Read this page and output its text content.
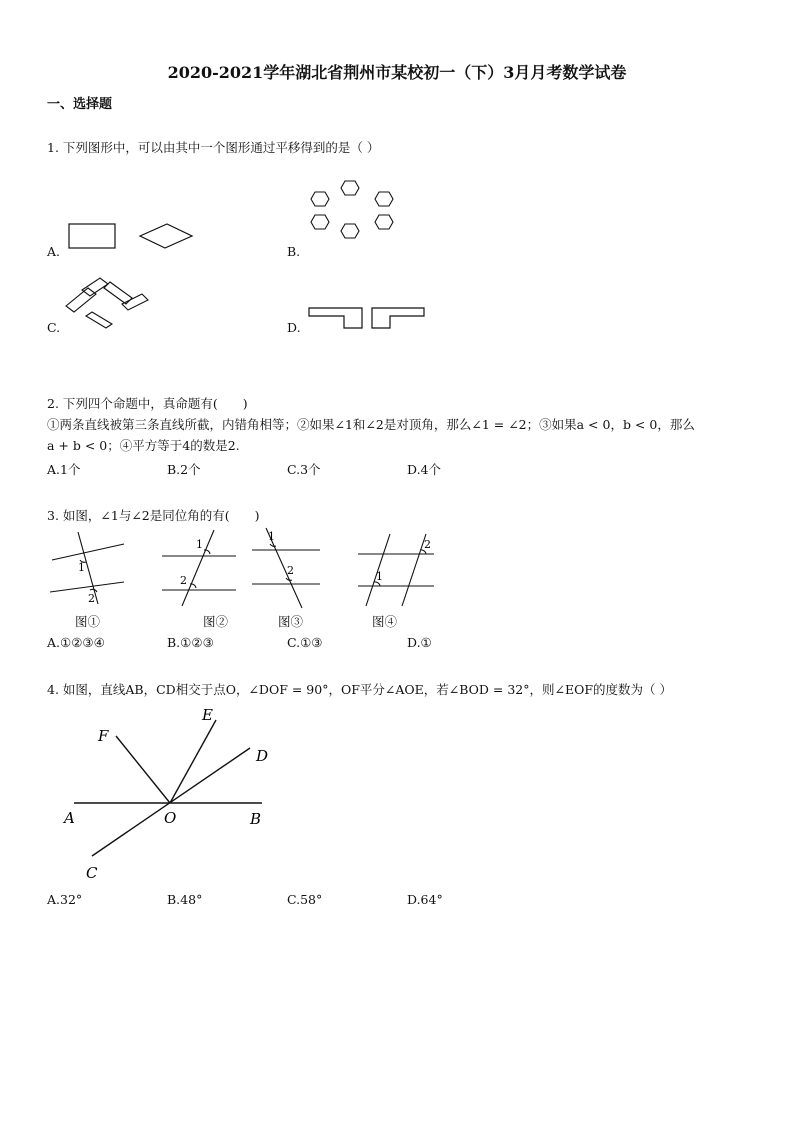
2020-2021学年湖北省荆州市某校初一（下）3月月考数学试卷
一、选择题
1. 下列图形中，可以由其中一个图形通过平移得到的是（ ）
A.	B.
C.	D.
2. 下列四个命题中，真命题有(　　)
①两条直线被第三条直线所截，内错角相等；②如果∠1和∠2是对顶角，那么∠1 = ∠2；③如果a < 0，b < 0，那么
a + b < 0；④平方等于4的数是2.
A.1个	B.2个	C.3个	D.4个
3. 如图，∠1与∠2是同位角的有(　　)
1
2
图①
1
2
图②
1
2
图③
1
2
图④
A.①②③④	B.①②③	C.①③	D.①
4. 如图，直线AB，CD相交于点O，∠DOF = 90°，OF平分∠AOE，若∠BOD = 32°，则∠EOF的度数为（ ）
F
E
D
A	O	B
C
A.32°	B.48°	C.58°	D.64°
